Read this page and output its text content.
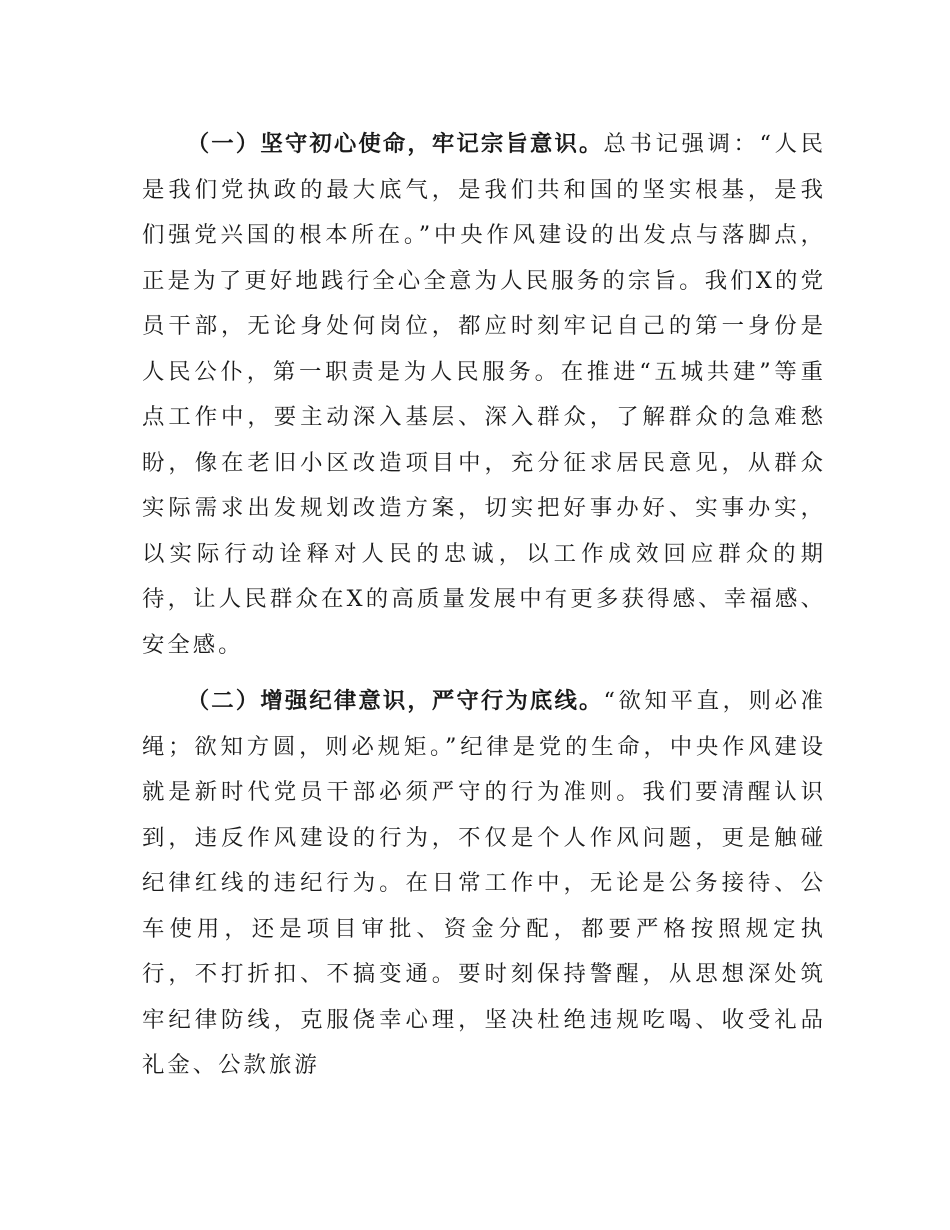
（一）坚守初心使命，牢记宗旨意识。总书记强调：“人民是我们党执政的最大底气，是我们共和国的坚实根基，是我们强党兴国的根本所在。”中央作风建设的出发点与落脚点，正是为了更好地践行全心全意为人民服务的宗旨。我们X的党员干部，无论身处何岗位，都应时刻牢记自己的第一身份是人民公仆，第一职责是为人民服务。在推进“五城共建”等重点工作中，要主动深入基层、深入群众，了解群众的急难愁盼，像在老旧小区改造项目中，充分征求居民意见，从群众实际需求出发规划改造方案，切实把好事办好、实事办实，以实际行动诠释对人民的忠诚，以工作成效回应群众的期待，让人民群众在X的高质量发展中有更多获得感、幸福感、安全感。

（二）增强纪律意识，严守行为底线。“欲知平直，则必准绳；欲知方圆，则必规矩。”纪律是党的生命，中央作风建设就是新时代党员干部必须严守的行为准则。我们要清醒认识到，违反作风建设的行为，不仅是个人作风问题，更是触碰纪律红线的违纪行为。在日常工作中，无论是公务接待、公车使用，还是项目审批、资金分配，都要严格按照规定执行，不打折扣、不搞变通。要时刻保持警醒，从思想深处筑牢纪律防线，克服侥幸心理，坚决杜绝违规吃喝、收受礼品礼金、公款旅游
